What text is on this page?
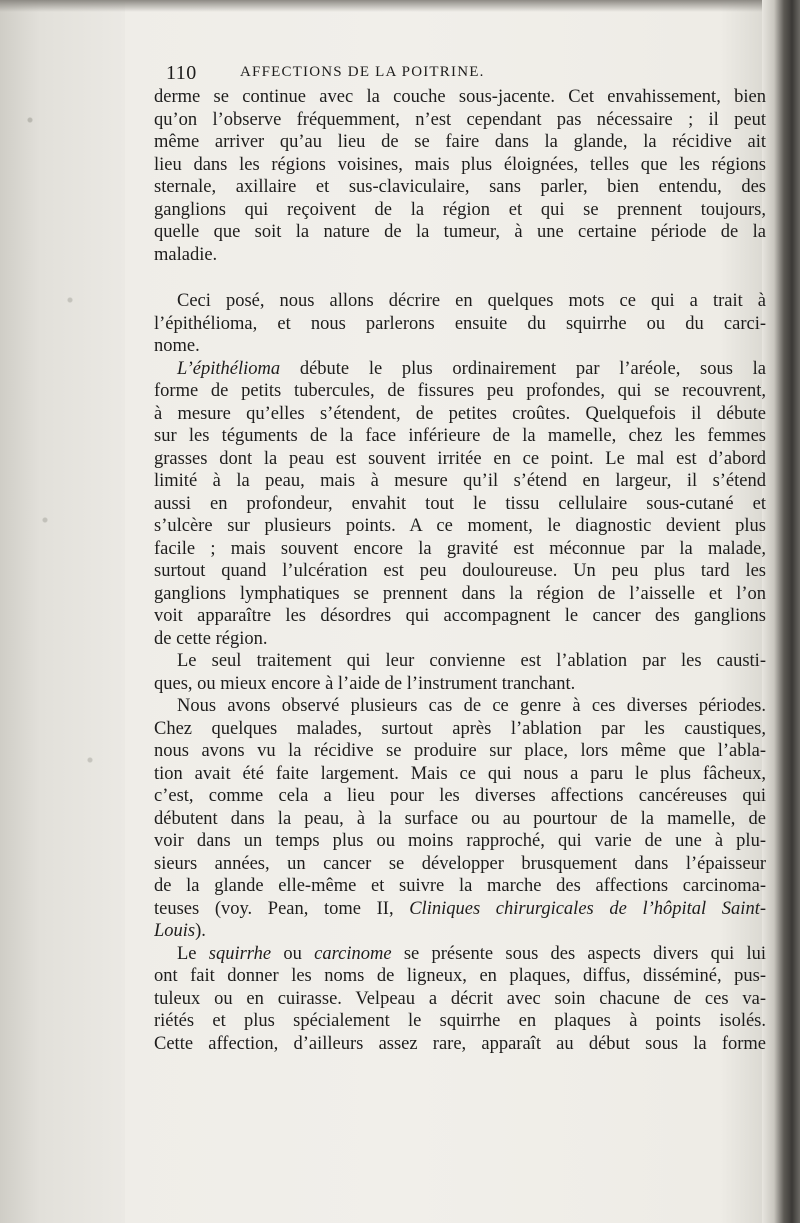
110	AFFECTIONS DE LA POITRINE.
derme se continue avec la couche sous-jacente. Cet envahissement, bien
qu’on l’observe fréquemment, n’est cependant pas nécessaire ; il peut
même arriver qu’au lieu de se faire dans la glande, la récidive ait
lieu dans les régions voisines, mais plus éloignées, telles que les régions
sternale, axillaire et sus-claviculaire, sans parler, bien entendu, des
ganglions qui reçoivent de la région et qui se prennent toujours,
quelle que soit la nature de la tumeur, à une certaine période de la
maladie.
Ceci posé, nous allons décrire en quelques mots ce qui a trait à
l’épithélioma, et nous parlerons ensuite du squirrhe ou du carci-
nome.
L’épithélioma débute le plus ordinairement par l’aréole, sous la
forme de petits tubercules, de fissures peu profondes, qui se recouvrent,
à mesure qu’elles s’étendent, de petites croûtes. Quelquefois il débute
sur les téguments de la face inférieure de la mamelle, chez les femmes
grasses dont la peau est souvent irritée en ce point. Le mal est d’abord
limité à la peau, mais à mesure qu’il s’étend en largeur, il s’étend
aussi en profondeur, envahit tout le tissu cellulaire sous-cutané et
s’ulcère sur plusieurs points. A ce moment, le diagnostic devient plus
facile ; mais souvent encore la gravité est méconnue par la malade,
surtout quand l’ulcération est peu douloureuse. Un peu plus tard les
ganglions lymphatiques se prennent dans la région de l’aisselle et l’on
voit apparaître les désordres qui accompagnent le cancer des ganglions
de cette région.
Le seul traitement qui leur convienne est l’ablation par les causti-
ques, ou mieux encore à l’aide de l’instrument tranchant.
Nous avons observé plusieurs cas de ce genre à ces diverses périodes.
Chez quelques malades, surtout après l’ablation par les caustiques,
nous avons vu la récidive se produire sur place, lors même que l’abla-
tion avait été faite largement. Mais ce qui nous a paru le plus fâcheux,
c’est, comme cela a lieu pour les diverses affections cancéreuses qui
débutent dans la peau, à la surface ou au pourtour de la mamelle, de
voir dans un temps plus ou moins rapproché, qui varie de une à plu-
sieurs années, un cancer se développer brusquement dans l’épaisseur
de la glande elle-même et suivre la marche des affections carcinoma-
teuses (voy. Pean, tome II, Cliniques chirurgicales de l’hôpital Saint-
Louis).
Le squirrhe ou carcinome se présente sous des aspects divers qui lui
ont fait donner les noms de ligneux, en plaques, diffus, disséminé, pus-
tuleux ou en cuirasse. Velpeau a décrit avec soin chacune de ces va-
riétés et plus spécialement le squirrhe en plaques à points isolés.
Cette affection, d’ailleurs assez rare, apparaît au début sous la forme
